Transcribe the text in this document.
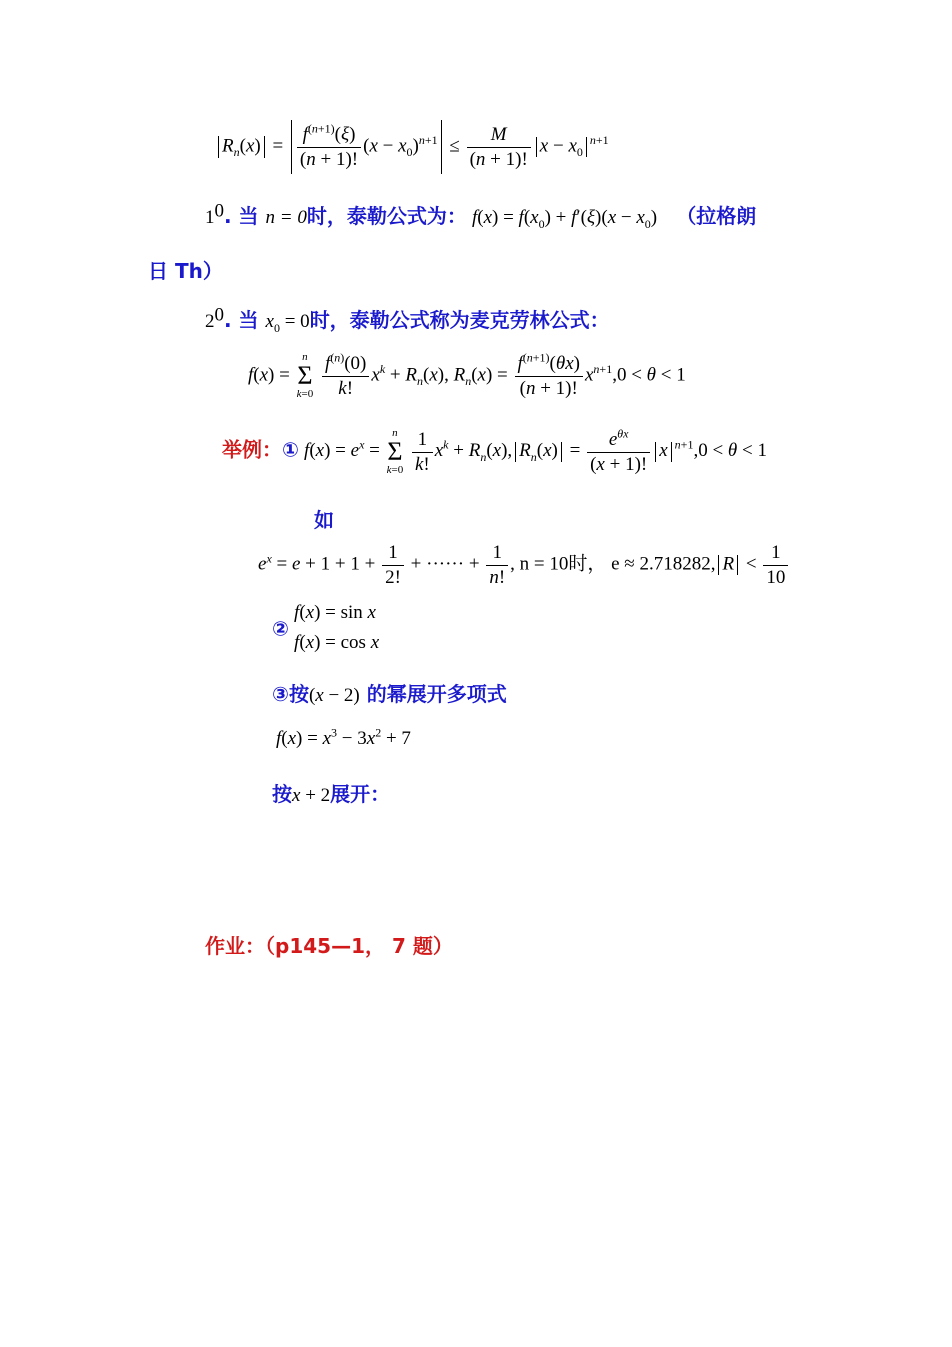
$R_n(x) = \frac{f^{(n+1)}(\xi)}{(n + 1)!} (x - x_0)^{n+1} \le \frac{M}{(n + 1)!}$ $x - x_0^{n+1}$
$1^0$. 当 n = 0时，泰勒公式为： $f(x) = f(x_0) + f'(\xi)(x - x_0)$ （拉格朗
日 Th）
$2^0$. 当 $x_0 = 0$时，泰勒公式称为麦克劳林公式：
f(x) = n
Σ
$k=0 \frac{f^{(n)}(0)}{k!} x^k + R_n(x)$, $R_n(x) = \frac{f^{(n+1)}(\theta x)}{(n + 1)!} x^{n+1},0 < \theta < 1$
举例：① $f(x) = e^x = n$
Σ
$k=0 \frac{1}{k!} x^k + R_n(x)$, $R_n(x) = \frac{e^{\theta x}}{(x + 1)!}$ x $^{n+1}$,0 < θ < 1
如
$e^x = e + 1 + 1 + \frac{1}{2!}$ + ······ + $\frac{1}{n!}$ , n = 10时， e ≈ 2.718282, $R < \frac{1}{10}$
②
f(x) = sin x
f(x) = cos x
③按(x − 2) 的幂展开多项式
$f(x) = x^3 - 3x^2 + 7$
按x + 2展开：
作业：（p145—1， 7 题）
